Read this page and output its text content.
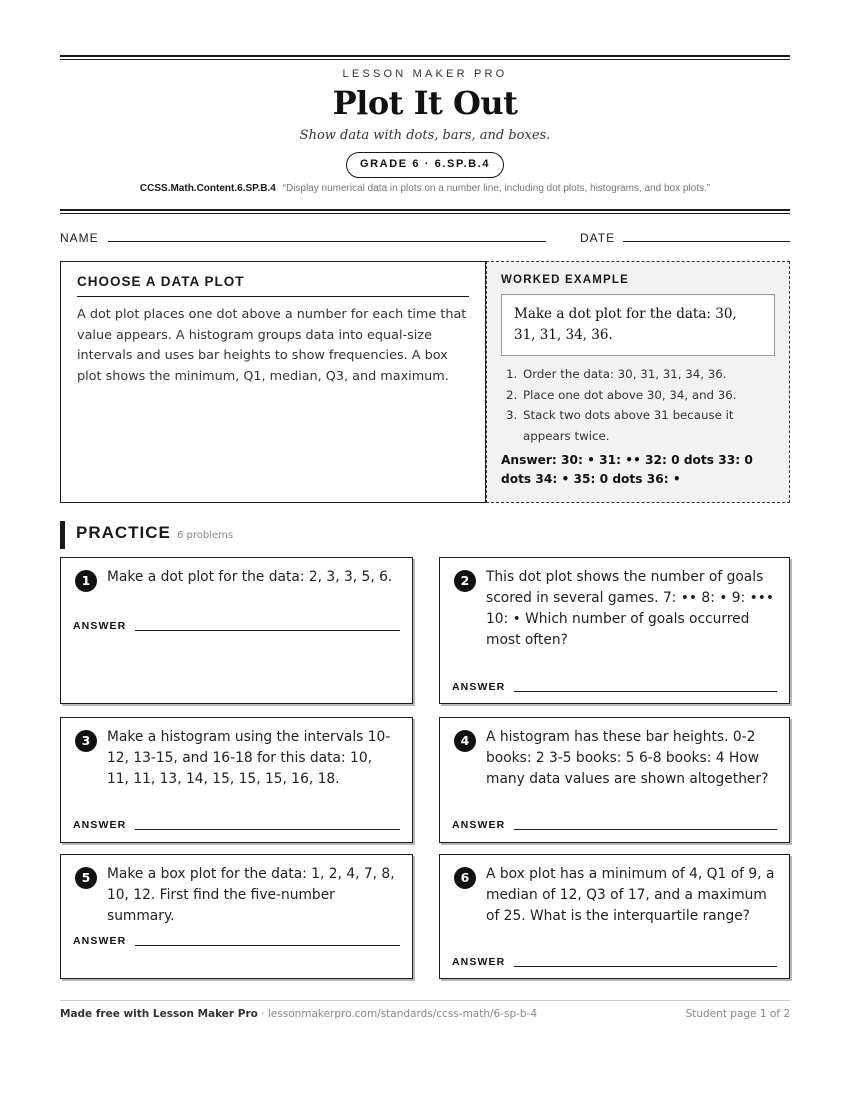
LESSON MAKER PRO
Plot It Out
Show data with dots, bars, and boxes.
GRADE 6 · 6.SP.B.4
CCSS.Math.Content.6.SP.B.4 “Display numerical data in plots on a number line, including dot plots, histograms, and box plots.”
NAME	DATE
CHOOSE A DATA PLOT
A dot plot places one dot above a number for each time that value appears. A histogram groups data into equal-size intervals and uses bar heights to show frequencies. A box plot shows the minimum, Q1, median, Q3, and maximum.
WORKED EXAMPLE
Make a dot plot for the data: 30, 31, 31, 34, 36.
1. Order the data: 30, 31, 31, 34, 36.
2. Place one dot above 30, 34, and 36.
3. Stack two dots above 31 because it appears twice.
Answer: 30: • 31: •• 32: 0 dots 33: 0 dots 34: • 35: 0 dots 36: •
PRACTICE 6 problems
1	Make a dot plot for the data: 2, 3, 3, 5, 6.
ANSWER
2	This dot plot shows the number of goals scored in several games. 7: •• 8: • 9: ••• 10: • Which number of goals occurred most often?
ANSWER
3	Make a histogram using the intervals 10-12, 13-15, and 16-18 for this data: 10, 11, 11, 13, 14, 15, 15, 15, 16, 18.
ANSWER
4	A histogram has these bar heights. 0-2 books: 2 3-5 books: 5 6-8 books: 4 How many data values are shown altogether?
ANSWER
5	Make a box plot for the data: 1, 2, 4, 7, 8, 10, 12. First find the five-number summary.
ANSWER
6	A box plot has a minimum of 4, Q1 of 9, a median of 12, Q3 of 17, and a maximum of 25. What is the interquartile range?
ANSWER
Made free with Lesson Maker Pro · lessonmakerpro.com/standards/ccss-math/6-sp-b-4	Student page 1 of 2
